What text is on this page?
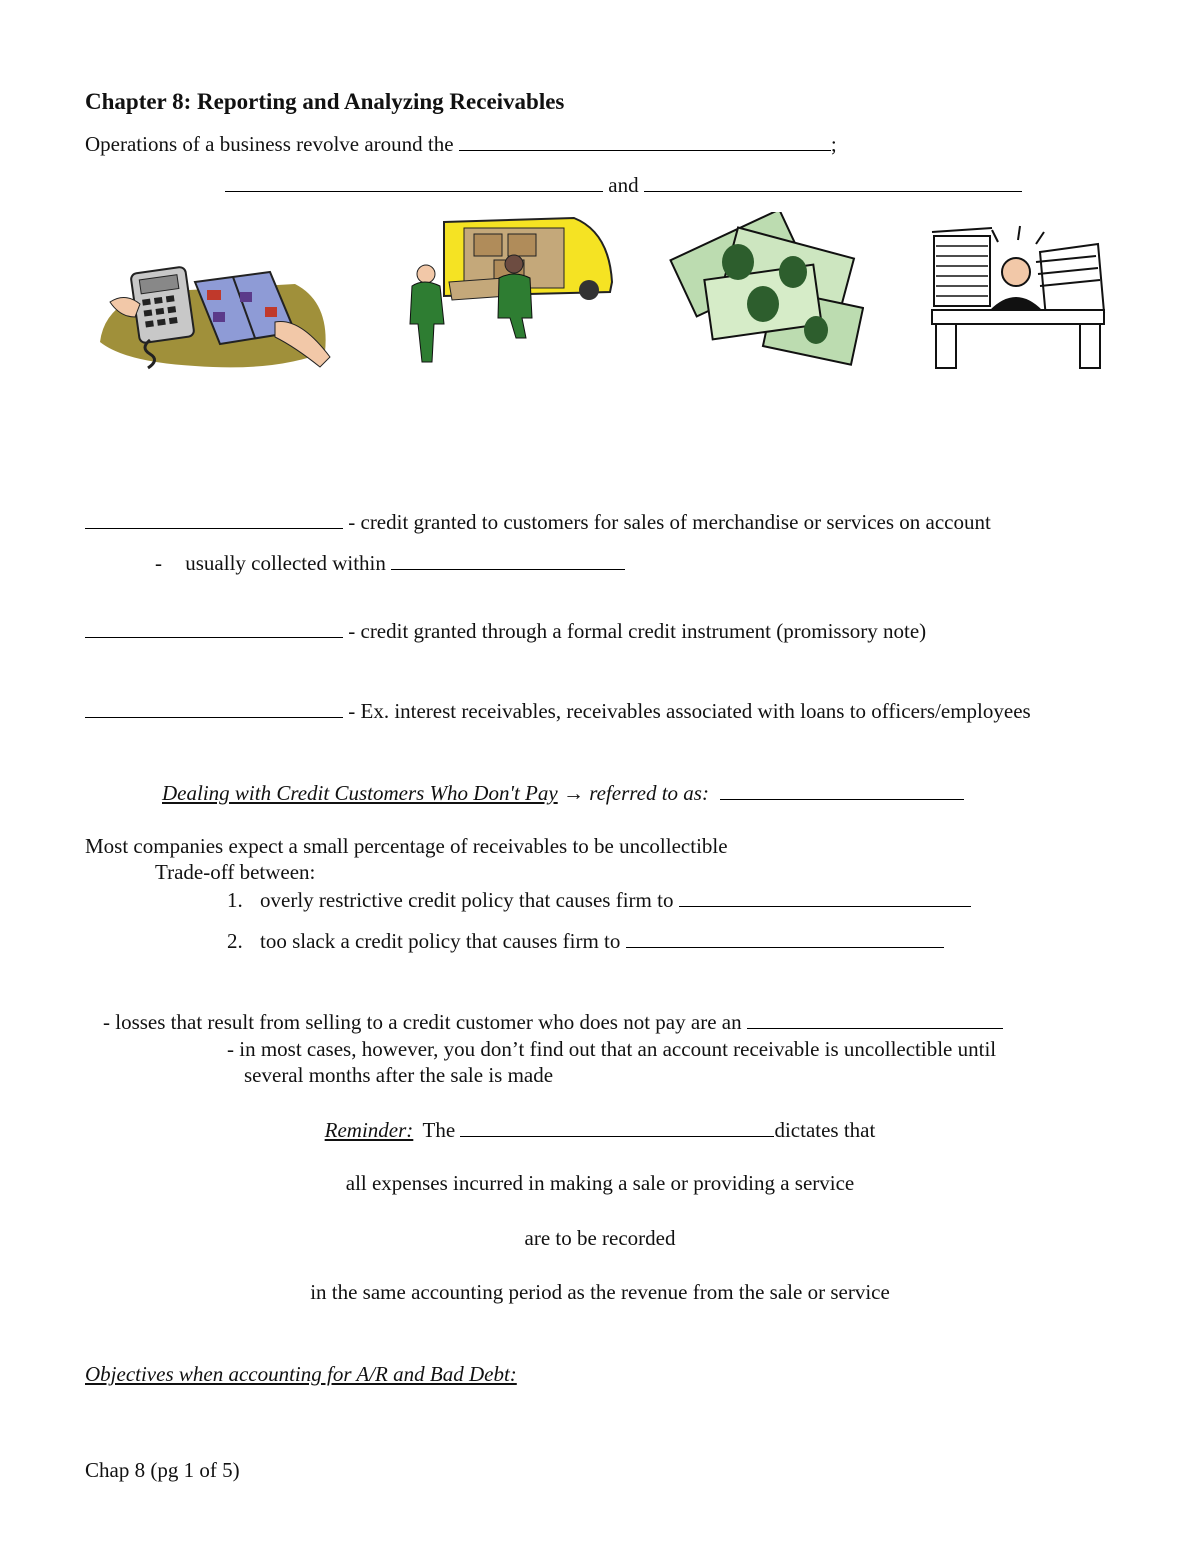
Chapter 8: Reporting and Analyzing Receivables
Operations of a business revolve around the	;
and
- credit granted to customers for sales of merchandise or services on account
- usually collected within
- credit granted through a formal credit instrument (promissory note)
- Ex. interest receivables, receivables associated with loans to officers/employees
Dealing with Credit Customers Who Don't Pay → referred to as:
Most companies expect a small percentage of receivables to be uncollectible
Trade-off between:
1. overly restrictive credit policy that causes firm to
2. too slack a credit policy that causes firm to
- losses that result from selling to a credit customer who does not pay are an
- in most cases, however, you don’t find out that an account receivable is uncollectible until
several months after the sale is made
Reminder: The	dictates that
all expenses incurred in making a sale or providing a service
are to be recorded
in the same accounting period as the revenue from the sale or service
Objectives when accounting for A/R and Bad Debt:
Chap 8 (pg 1 of 5)
